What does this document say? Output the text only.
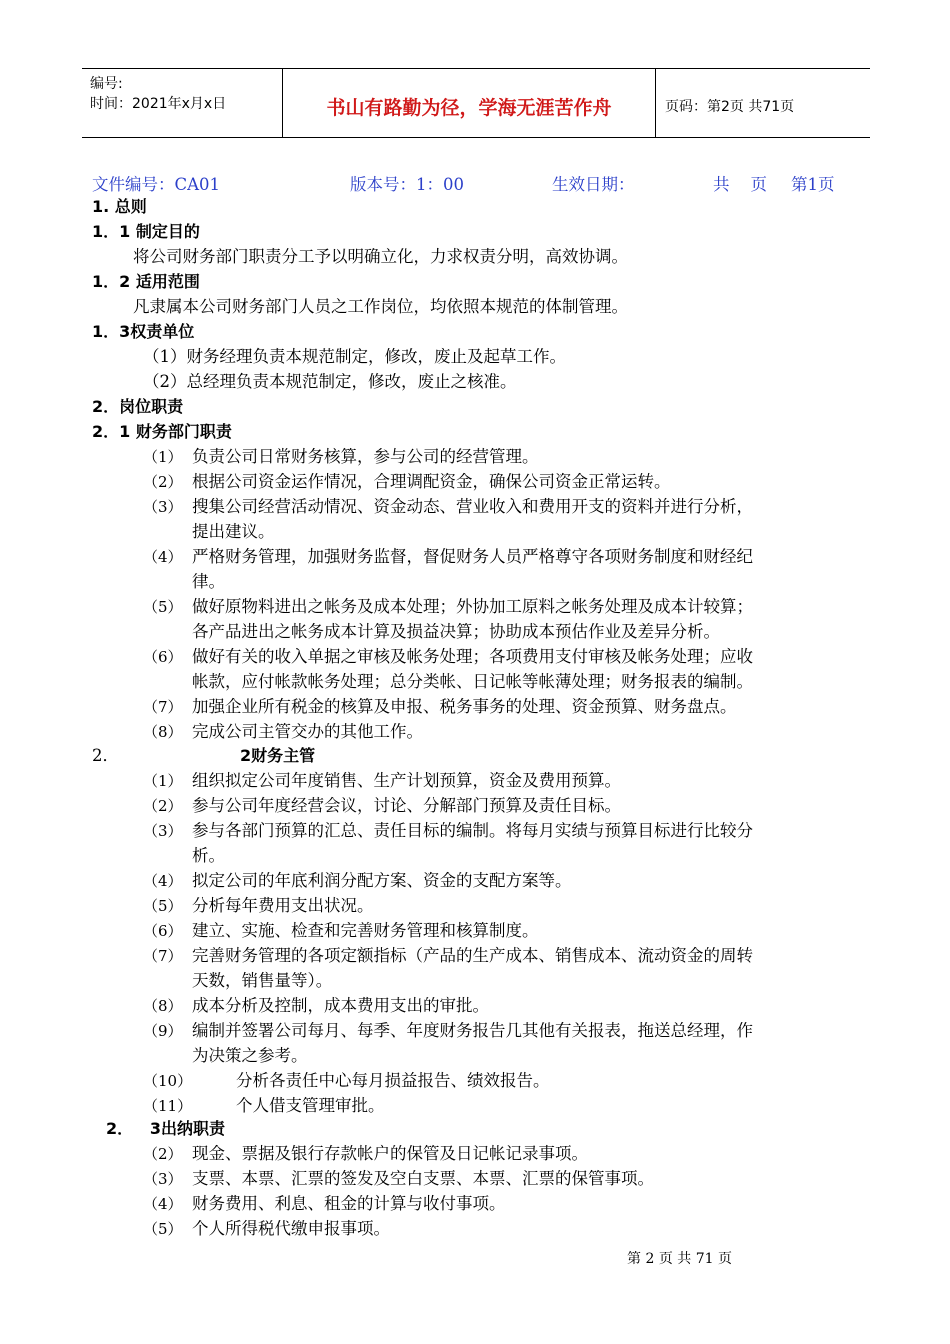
编号:
时间：2021年x月x日	书山有路勤为径，学海无涯苦作舟	页码：第2页 共71页
文件编号：CA01	版本号：1：00	生效日期：	共    页 第1页
1. 总则
1．1 制定目的
将公司财务部门职责分工予以明确立化，力求权责分明，高效协调。
1．2 适用范围
凡隶属本公司财务部门人员之工作岗位，均依照本规范的体制管理。
1．3权责单位
（1）财务经理负责本规范制定，修改，废止及起草工作。
（2）总经理负责本规范制定，修改，废止之核准。
2．岗位职责
2．1 财务部门职责
（1） 负责公司日常财务核算，参与公司的经营管理。
（2） 根据公司资金运作情况，合理调配资金，确保公司资金正常运转。
（3） 搜集公司经营活动情况、资金动态、营业收入和费用开支的资料并进行分析，
提出建议。
（4） 严格财务管理，加强财务监督，督促财务人员严格尊守各项财务制度和财经纪
律。
（5） 做好原物料进出之帐务及成本处理；外协加工原料之帐务处理及成本计较算；
各产品进出之帐务成本计算及损益决算；协助成本预估作业及差异分析。
（6） 做好有关的收入单据之审核及帐务处理；各项费用支付审核及帐务处理；应收
帐款，应付帐款帐务处理；总分类帐、日记帐等帐薄处理；财务报表的编制。
（7） 加强企业所有税金的核算及申报、税务事务的处理、资金预算、财务盘点。
（8） 完成公司主管交办的其他工作。
2．	2财务主管
（1） 组织拟定公司年度销售、生产计划预算，资金及费用预算。
（2） 参与公司年度经营会议，讨论、分解部门预算及责任目标。
（3） 参与各部门预算的汇总、责任目标的编制。将每月实绩与预算目标进行比较分
析。
（4） 拟定公司的年底利润分配方案、资金的支配方案等。
（5） 分析每年费用支出状况。
（6） 建立、实施、检查和完善财务管理和核算制度。
（7） 完善财务管理的各项定额指标（产品的生产成本、销售成本、流动资金的周转
天数，销售量等）。
（8） 成本分析及控制，成本费用支出的审批。
（9） 编制并签署公司每月、每季、年度财务报告几其他有关报表，拖送总经理，作
为决策之参考。
（10）	分析各责任中心每月损益报告、绩效报告。
（11）	个人借支管理审批。
2．   3出纳职责
（2） 现金、票据及银行存款帐户的保管及日记帐记录事项。
（3） 支票、本票、汇票的签发及空白支票、本票、汇票的保管事项。
（4） 财务费用、利息、租金的计算与收付事项。
（5） 个人所得税代缴申报事项。
第 2 页 共 71 页
